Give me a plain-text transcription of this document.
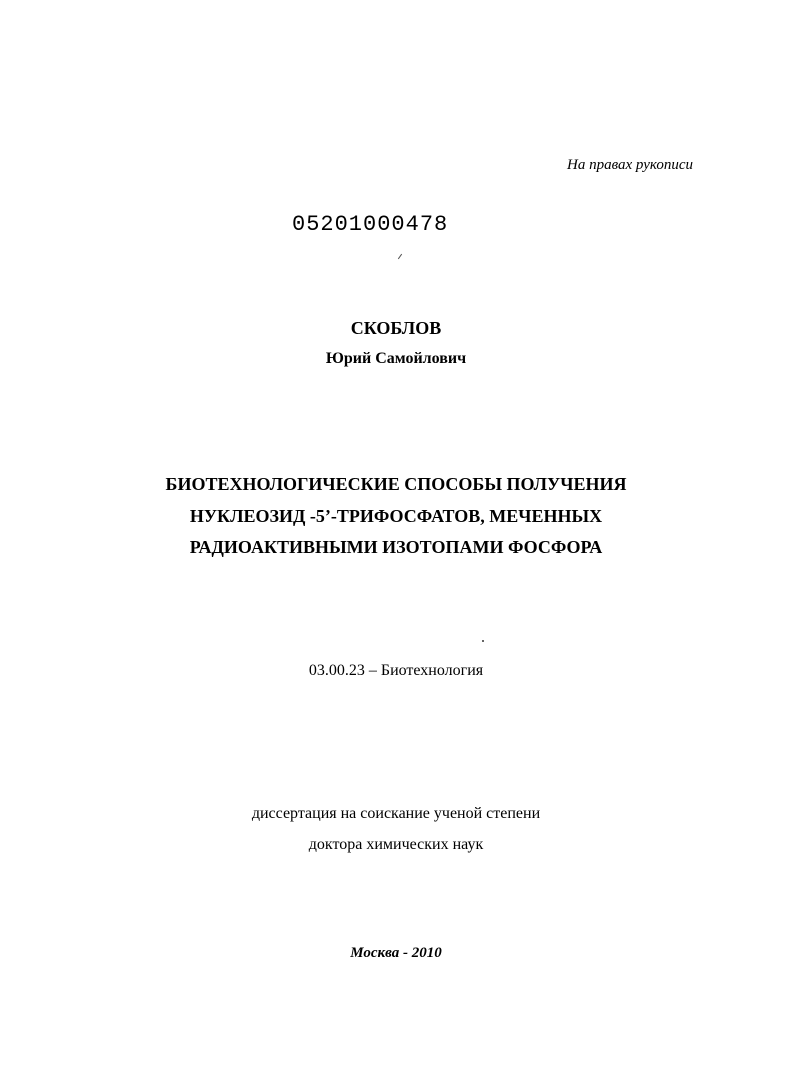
На правах рукописи
05201000478
СКОБЛОВ
Юрий Самойлович
БИОТЕХНОЛОГИЧЕСКИЕ СПОСОБЫ ПОЛУЧЕНИЯ
НУКЛЕОЗИД -5’-ТРИФОСФАТОВ, МЕЧЕННЫХ
РАДИОАКТИВНЫМИ ИЗОТОПАМИ ФОСФОРА
03.00.23 – Биотехнология
диссертация на соискание ученой степени
доктора химических наук
Москва - 2010
